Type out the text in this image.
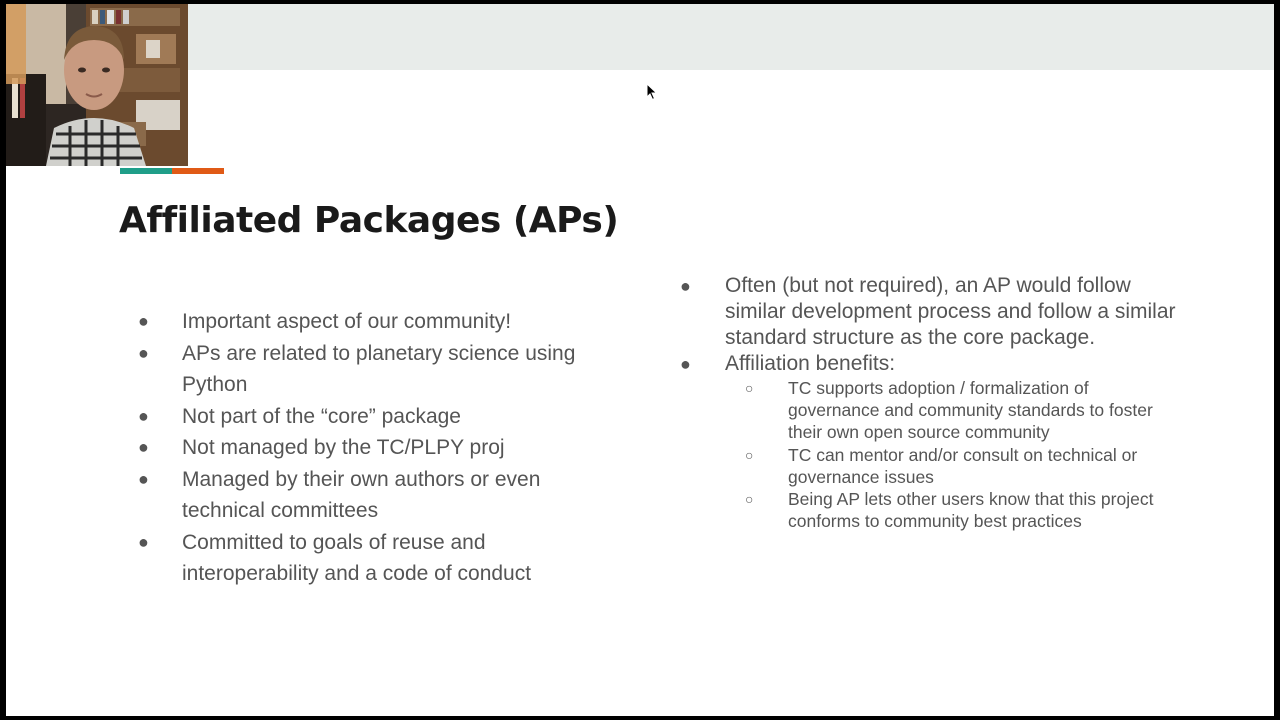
Affiliated Packages (APs)
● Important aspect of our community!
● APs are related to planetary science using Python
● Not part of the “core” package
● Not managed by the TC/PLPY proj
● Managed by their own authors or even technical committees
● Committed to goals of reuse and interoperability and a code of conduct
● Often (but not required), an AP would follow similar development process and follow a similar standard structure as the core package.
● Affiliation benefits:
○ TC supports adoption / formalization of governance and community standards to foster their own open source community
○ TC can mentor and/or consult on technical or governance issues
○ Being AP lets other users know that this project conforms to community best practices
